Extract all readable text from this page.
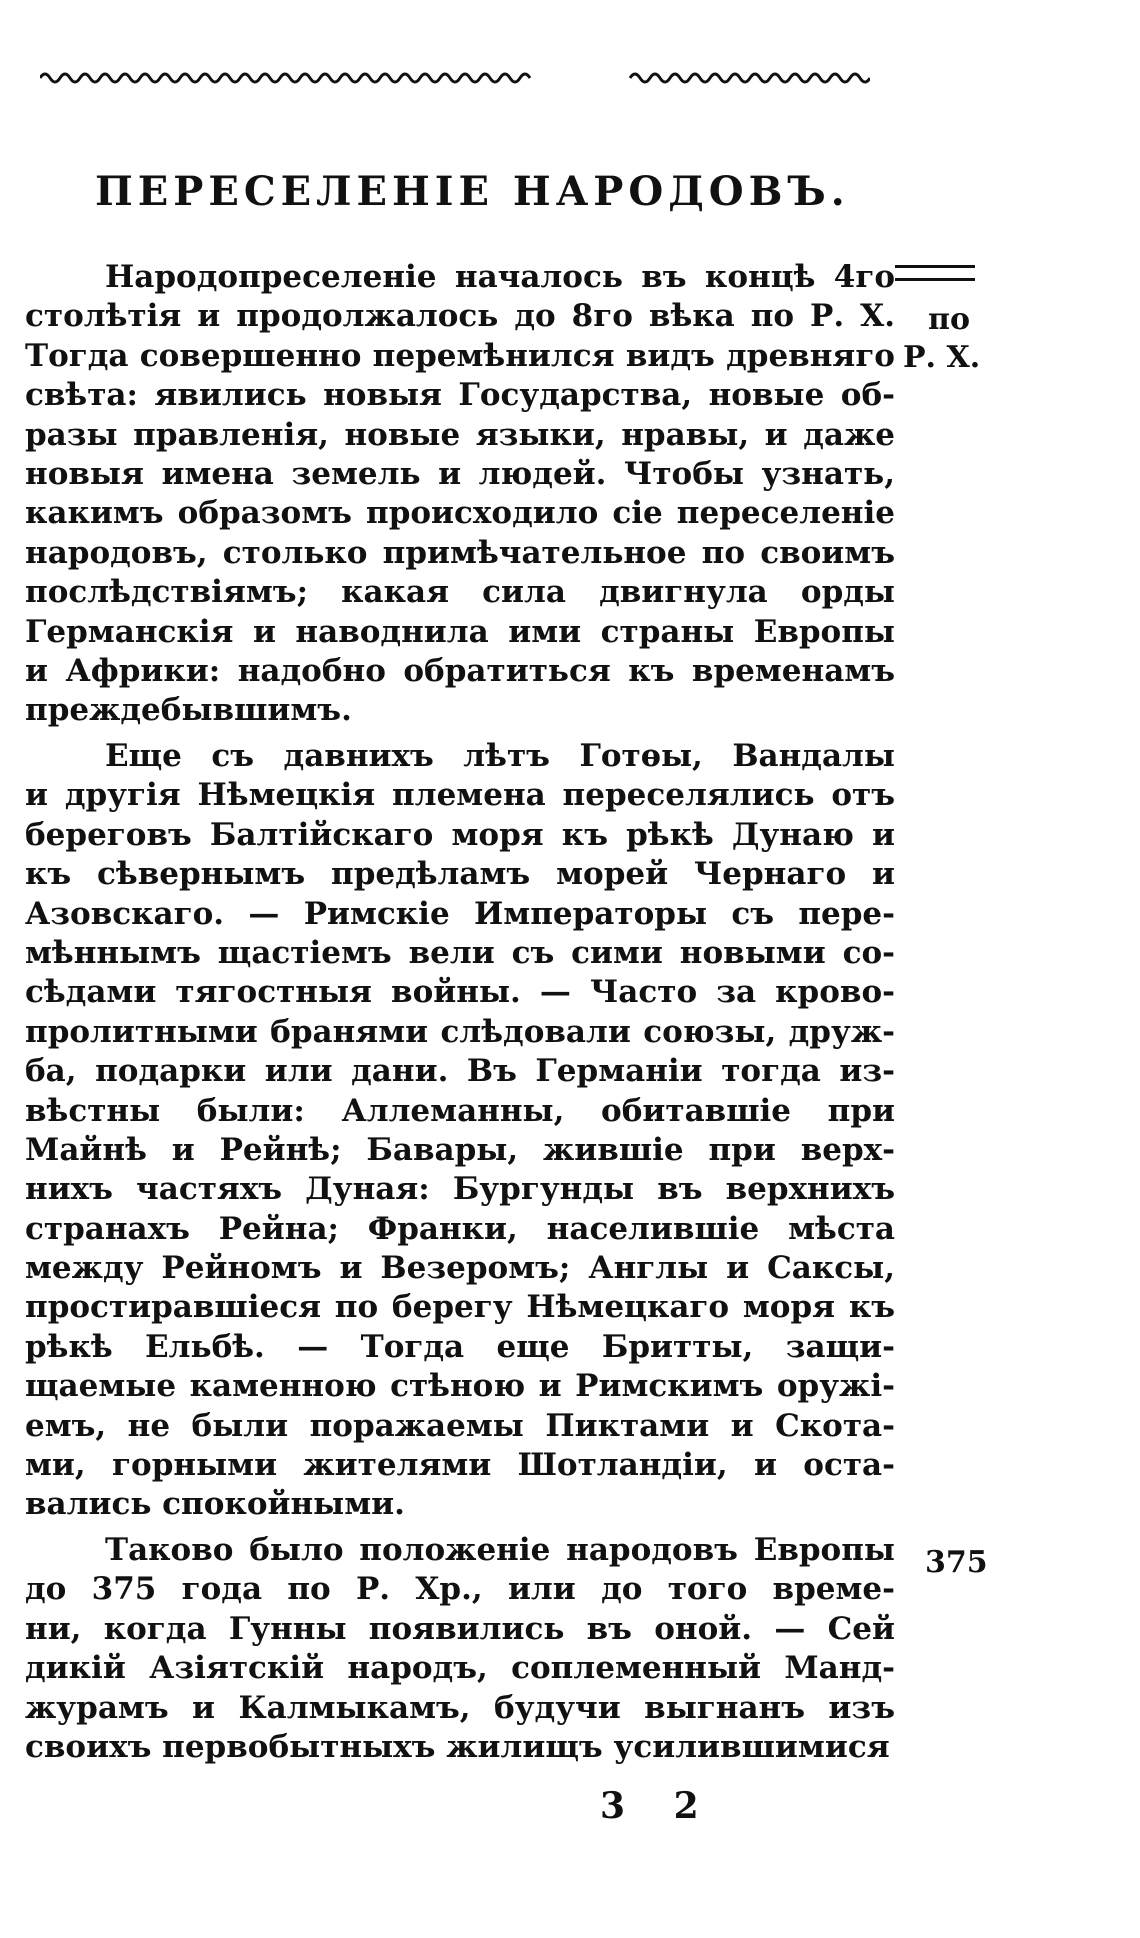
ПЕРЕСЕЛЕНІЕ НАРОДОВЪ.
по
Р. Х.
375
Народопреселеніе началось въ концѣ 4го
столѣтія и продолжалось до 8го вѣка по Р. Х.
Тогда совершенно перемѣнился видъ древняго
свѣта: явились новыя Государства, новые об-
разы правленія, новые языки, нравы, и даже
новыя имена земель и людей. Чтобы узнать,
какимъ образомъ происходило сіе переселеніе
народовъ, столько примѣчательное по своимъ
послѣдствіямъ; какая сила двигнула орды
Германскія и наводнила ими страны Европы
и Африки: надобно обратиться къ временамъ
преждебывшимъ.
Еще съ давнихъ лѣтъ Готѳы, Вандалы
и другія Нѣмецкія племена переселялись отъ
береговъ Балтійскаго моря къ рѣкѣ Дунаю и
къ сѣвернымъ предѣламъ морей Чернаго и
Азовскаго. — Римскіе Императоры съ пере-
мѣннымъ щастіемъ вели съ сими новыми со-
сѣдами тягостныя войны. — Часто за крово-
пролитными бранями слѣдовали союзы, друж-
ба, подарки или дани. Въ Германіи тогда из-
вѣстны были: Аллеманны, обитавшіе при
Майнѣ и Рейнѣ; Бавары, жившіе при верх-
нихъ частяхъ Дуная: Бургунды въ верхнихъ
странахъ Рейна; Франки, населившіе мѣста
между Рейномъ и Везеромъ; Англы и Саксы,
простиравшіеся по берегу Нѣмецкаго моря къ
рѣкѣ Ельбѣ. — Тогда еще Бритты, защи-
щаемые каменною стѣною и Римскимъ оружі-
емъ, не были поражаемы Пиктами и Скота-
ми, горными жителями Шотландіи, и оста-
вались спокойными.
Таково было положеніе народовъ Европы
до 375 года по Р. Хр., или до того време-
ни, когда Гунны появились въ оной. — Сей
дикій Азіятскій народъ, соплеменный Манд-
журамъ и Калмыкамъ, будучи выгнанъ изъ
своихъ первобытныхъ жилищъ усилившимися
3 2
